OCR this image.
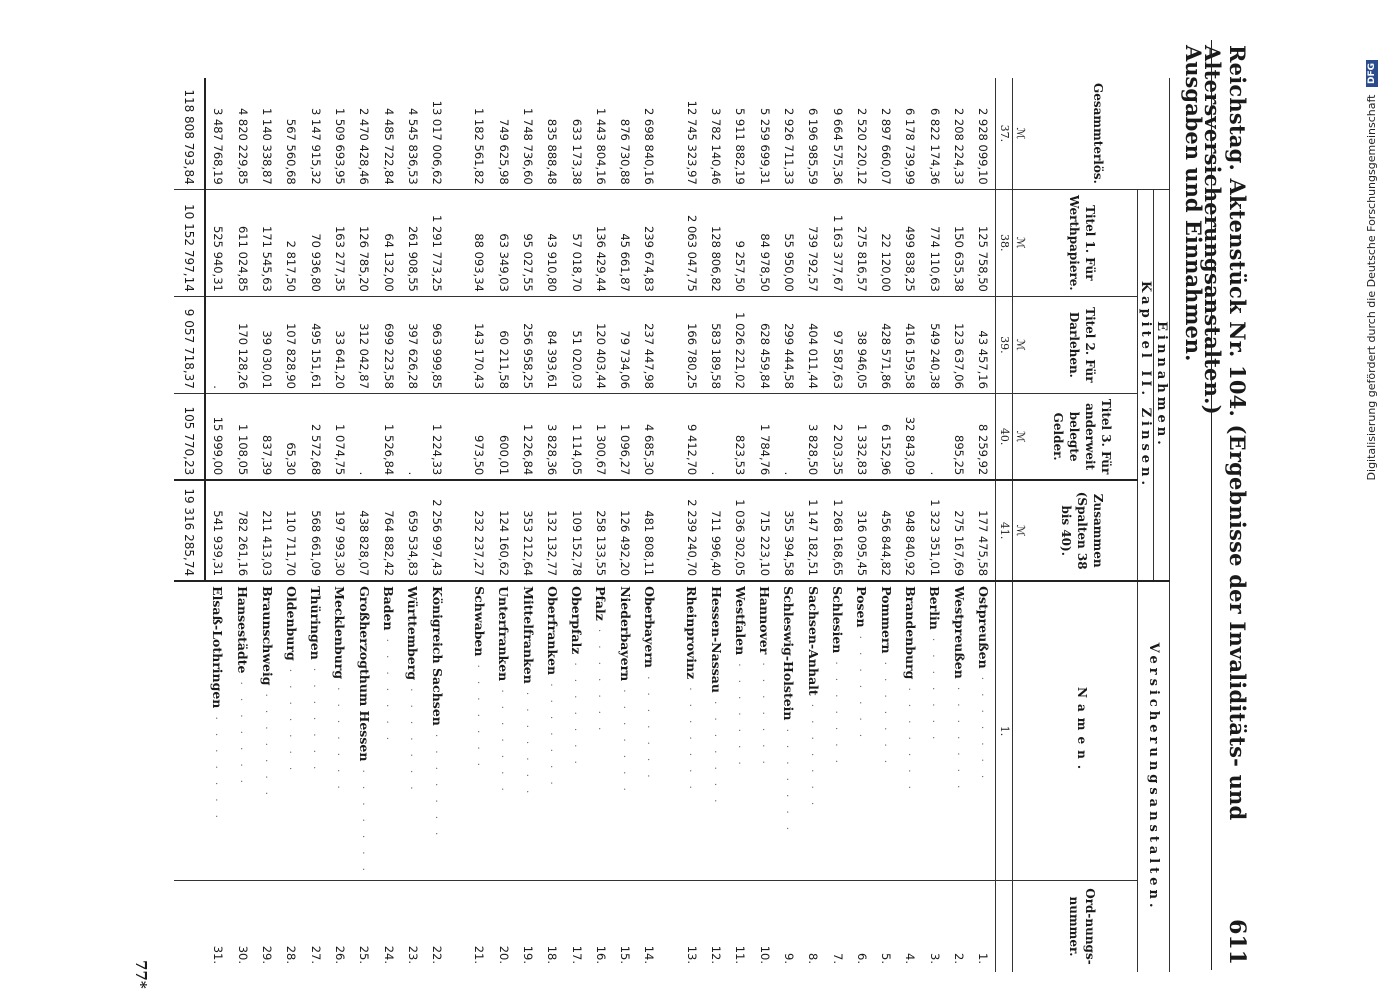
Reichstag. Aktenstück Nr. 104. (Ergebnisse der Invaliditäts- und Altersversicherungsanstalten.)
611
Ausgaben und Einnahmen.
Gesammterlös.	Einnahmen.				Versicherungsanstalten.	
	Kapitel II. Zinsen.					

	Titel 1. Für Werthpapiere.	Titel 2. Für Darlehen.	Titel 3. Für anderweit belegte Gelder.	Zusammen (Spalten 38 bis 40).	Namen.	Ord-nungs-nummer.

ℳ	ℳ	ℳ	ℳ	ℳ		
37.	38.	39.	40.	41.	1.	
2 928 099,10	125 758,50	43 457,16	8 259,92	177 475,58	Ostpreußen · · · · · · ·	1.
2 208 224,33	150 635,38	123 637,06	895,25	275 167,69	Westpreußen · · · · · · ·	2.
6 822 174,36	774 110,63	549 240,38	.	1 323 351,01	Berlin · · · · · · ·	3.
6 178 739,99	499 838,25	416 159,58	32 843,09	948 840,92	Brandenburg · · · · · · ·	4.
2 897 660,07	22 120,00	428 571,86	6 152,96	456 844,82	Pommern · · · · · · ·	5.
2 520 220,12	275 816,57	38 946,05	1 332,83	316 095,45	Posen · · · · · · ·	6.
9 664 575,36	1 163 377,67	97 587,63	2 203,35	1 268 168,65	Schlesien · · · · · · ·	7.
6 196 985,59	739 792,57	404 011,44	3 828,50	1 147 182,51	Sachsen-Anhalt · · · · · · ·	8.
2 926 711,33	55 950,00	299 444,58	.	355 394,58	Schleswig-Holstein · · · · · · ·	9.
5 259 699,31	84 978,50	628 459,84	1 784,76	715 223,10	Hannover · · · · · · ·	10.
5 911 882,19	9 257,50	1 026 221,02	823,53	1 036 302,05	Westfalen · · · · · · ·	11.
3 782 140,46	128 806,82	583 189,58	.	711 996,40	Hessen-Nassau · · · · · · ·	12.
12 745 323,97	2 063 047,75	166 780,25	9 412,70	2 239 240,70	Rheinprovinz · · · · · · ·	13.

2 698 840,16	239 674,83	237 447,98	4 685,30	481 808,11	Oberbayern · · · · · · ·	14.
876 730,88	45 661,87	79 734,06	1 096,27	126 492,20	Niederbayern · · · · · · ·	15.
1 443 804,16	136 429,44	120 403,44	1 300,67	258 133,55	Pfalz · · · · · · ·	16.
633 173,38	57 018,70	51 020,03	1 114,05	109 152,78	Oberpfalz · · · · · · ·	17.
835 888,48	43 910,80	84 393,61	3 828,36	132 132,77	Oberfranken · · · · · · ·	18.
1 748 736,60	95 027,55	256 958,25	1 226,84	353 212,64	Mittelfranken · · · · · · ·	19.
749 625,98	63 349,03	60 211,58	600,01	124 160,62	Unterfranken · · · · · · ·	20.
1 182 561,82	88 093,34	143 170,43	973,50	232 237,27	Schwaben · · · · · · ·	21.

13 017 006,62	1 291 773,25	963 999,85	1 224,33	2 256 997,43	Königreich Sachsen · · · · · · ·	22.
4 545 836,53	261 908,55	397 626,28	.	659 534,83	Württemberg · · · · · · ·	23.
4 485 722,84	64 132,00	699 223,58	1 526,84	764 882,42	Baden · · · · · · ·	24.
2 470 428,46	126 785,20	312 042,87	.	438 828,07	Großherzogthum Hessen · · · · · · ·	25.
1 509 693,95	163 277,35	33 641,20	1 074,75	197 993,30	Mecklenburg · · · · · · ·	26.
3 147 915,32	70 936,80	495 151,61	2 572,68	568 661,09	Thüringen · · · · · · ·	27.
567 560,68	2 817,50	107 828,90	65,30	110 711,70	Oldenburg · · · · · · ·	28.
1 140 338,87	171 545,63	39 030,01	837,39	211 413,03	Braunschweig · · · · · · ·	29.
4 820 229,85	611 024,85	170 128,26	1 108,05	782 261,16	Hansestädte · · · · · · ·	30.
3 487 768,19	525 940,31	.	15 999,00	541 939,31	Elsaß-Lothringen · · · · · · ·	31.
118 808 793,84	10 152 797,14	9 057 718,37	105 770,23	19 316 285,74		
77*
Digitalisierung gefördert durch die Deutsche Forschungsgemeinschaft DFG
